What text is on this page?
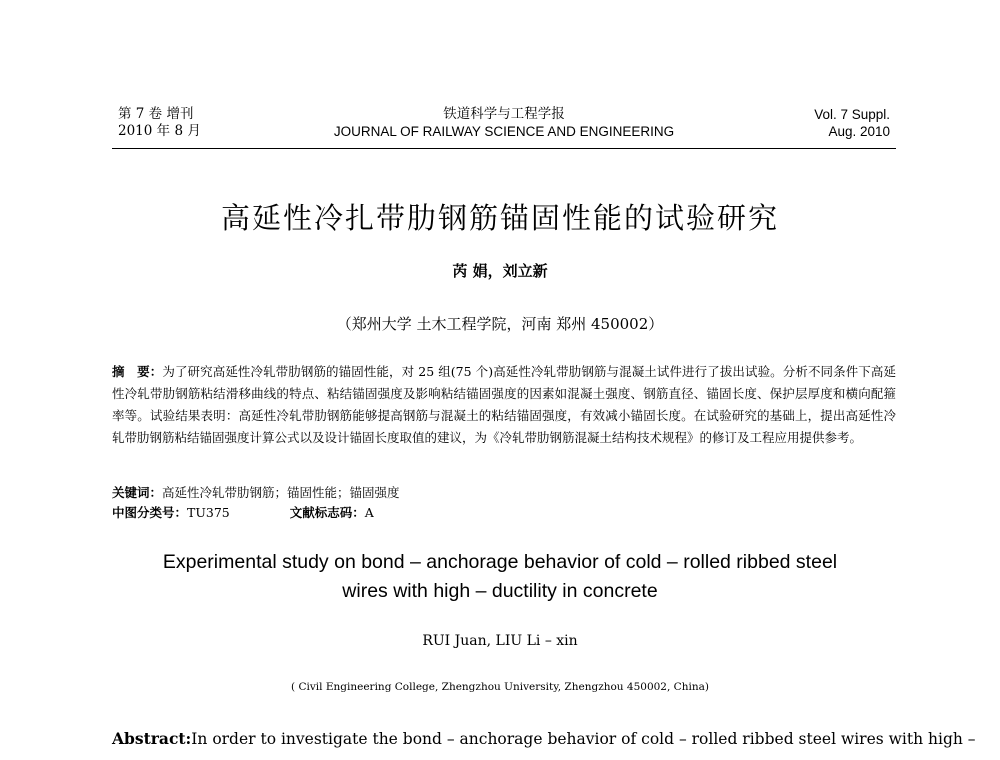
第 7 卷 增刊
2010 年 8 月
铁道科学与工程学报
JOURNAL OF RAILWAY SCIENCE AND ENGINEERING
Vol. 7 Suppl.
Aug. 2010
高延性冷扎带肋钢筋锚固性能的试验研究
芮 娟，刘立新
（郑州大学 土木工程学院，河南 郑州 450002）
摘　要：为了研究高延性冷轧带肋钢筋的锚固性能，对 25 组(75 个)高延性冷轧带肋钢筋与混凝土试件进行了拔出试验。分析不同条件下高延性冷轧带肋钢筋粘结滑移曲线的特点、粘结锚固强度及影响粘结锚固强度的因素如混凝土强度、钢筋直径、锚固长度、保护层厚度和横向配箍率等。试验结果表明：高延性冷轧带肋钢筋能够提高钢筋与混凝土的粘结锚固强度，有效减小锚固长度。在试验研究的基础上，提出高延性冷轧带肋钢筋粘结锚固强度计算公式以及设计锚固长度取值的建议，为《冷轧带肋钢筋混凝土结构技术规程》的修订及工程应用提供参考。
关键词：高延性冷轧带肋钢筋；锚固性能；锚固强度
中图分类号：TU375	文献标志码：A
Experimental study on bond – anchorage behavior of cold – rolled ribbed steel
wires with high – ductility in concrete
RUI Juan, LIU Li – xin
( Civil Engineering College, Zhengzhou University, Zhengzhou 450002, China)
Abstract:In order to investigate the bond – anchorage behavior of cold – rolled ribbed steel wires with high –
